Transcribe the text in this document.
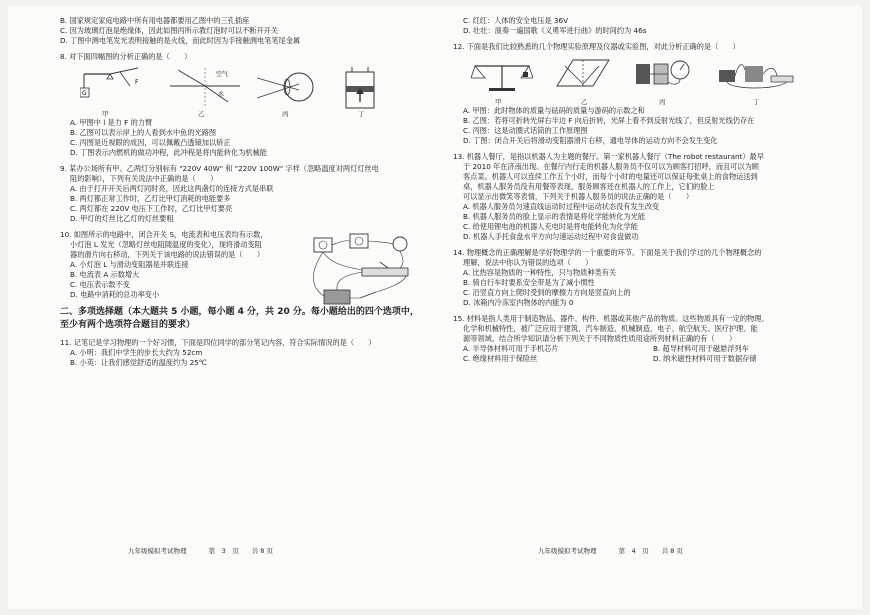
B. 国家规定家庭电路中所有用电器都要用乙图中的三孔插座

C. 因为玻璃灯泡是绝缘体，因此如图丙所示教灯泡时可以不断开开关

D. 丁图中测电笔发光表明接触的是火线，而此时因为手接触测电笔笔尾金属

8. 对下面四幅图的分析正确的是（　　）

G
F
空气
水
甲	乙	丙	丁

A. 甲图中 l 是力 F 的力臂

B. 乙图可以表示岸上的人看到水中鱼的光路图

C. 丙图是近视眼的成因，可以佩戴凸透镜加以矫正

D. 丁图表示内燃机的做功冲程，此冲程是将内能转化为机械能

9. 某办公场所有甲、乙两灯分别标有 "220V 40W" 和 "220V 100W" 字样（忽略温度对两灯灯丝电

阻的影响），下列有关说法中正确的是（　　）

A. 由于打开开关后两灯同时亮，因此这两盏灯的连接方式是串联

B. 两灯都正常工作时，乙灯比甲灯消耗的电能要多

C. 两灯都在 220V 电压下工作时，乙灯比甲灯要亮

D. 甲灯的灯丝比乙灯的灯丝要粗

10. 如图所示的电路中，闭合开关 S，电流表和电压表均有示数，

小灯泡 L 发光（忽略灯丝电阻随温度的变化），现将滑动变阻

器的滑片向右移动，下列关于该电路的说法错误的是（　　）

A. 小灯泡 L 与滑动变阻器是并联连接

B. 电流表 A 示数增大

C. 电压表示数不变

D. 电路中消耗的总功率变小

二、多项选择题（本大题共 5 小题，每小题 4 分，共 20 分。每小题给出的四个选项中，

至少有两个选项符合题目的要求）

11. 记笔记是学习物理的一个好习惯，下面是四位同学的部分笔记内容，符合实际情况的是（　　）

A. 小明：我们中学生的步长大约为 52cm

B. 小英：让我们感觉舒适的温度约为 25℃

九年级模拟考试物理	第　3　页　　共 8 页

C. 红红：人体的安全电压是 36V

D. 壮壮：演奏一遍国歌《义勇军进行曲》的时间约为 46s

12. 下面是我们比较熟悉的几个物理实验原理及仪器或实验图，对此分析正确的是（　　）

甲	乙	丙	丁

A. 甲图：此时物体的质量与砝码的质量与游码的示数之和

B. 乙图：若将可折转光屏右半边 F 向后折转，光屏上看不到反射光线了，但反射光线仍存在

C. 丙图：这是动圈式话筒的工作原理图

D. 丁图：闭合开关后将滑动变阻器滑片右移，通电导体的运动方向不会发生变化

13. 机器人餐厅，是指以机器人为主题的餐厅。第一家机器人餐厅（The robot restaurant）最早

于 2010 年在济南出现。在餐厅内行走的机器人服务员不仅可以为顾客打招呼，而且可以为顾

客点菜。机器人可以连续工作五个小时，而每个小时的电量还可以保证每张桌上的食物运送到

桌，机器人服务员没有用餐等表现，服务顾客还在机器人的工作上，它们的脸上

可以显示出微笑等表情，下列关于机器人服务员的说法正确的是（　　）

A. 机器人服务员匀速直线运动时过程中运动状态没有发生改变

B. 机器人服务员的脸上显示的表情是将化学能转化为光能

C. 给使用锂电池的机器人充电时是将电能转化为化学能

D. 机器人手托食盘水平方向匀速运动过程中对食盘做功

14. 物理概念的正确理解是学好物理学的一个重要的环节。下面是关于我们学过的几个物理概念的

理解，说法中你认为错误的选项（　　）

A. 比热容是物质的一种特性，只与物质种类有关

B. 骑自行车时要系安全带是为了减小惯性

C. 沿竖直方向上爬时受到的摩擦力方向是竖直向上的

D. 冰箱内冷冻室内物体的内能为 0

15. 材料是指人类用于制造物品、器件、构件、机器或其他产品的物质。这些物质具有一定的物理、

化学和机械特性，被广泛应用于建筑、汽车制造、机械制造、电子、航空航天、医疗护理、能

源等领域。结合所学知识请分析下列关于不同物质性质用途所列材料正确的有（　　）

A. 半导体材料可用于手机芯片	B. 超导材料可用于磁悬浮列车
C. 绝缘材料用于保险丝	D. 纳米磁性材料可用于数据存储
九年级模拟考试物理	第　4　页　　共 8 页
